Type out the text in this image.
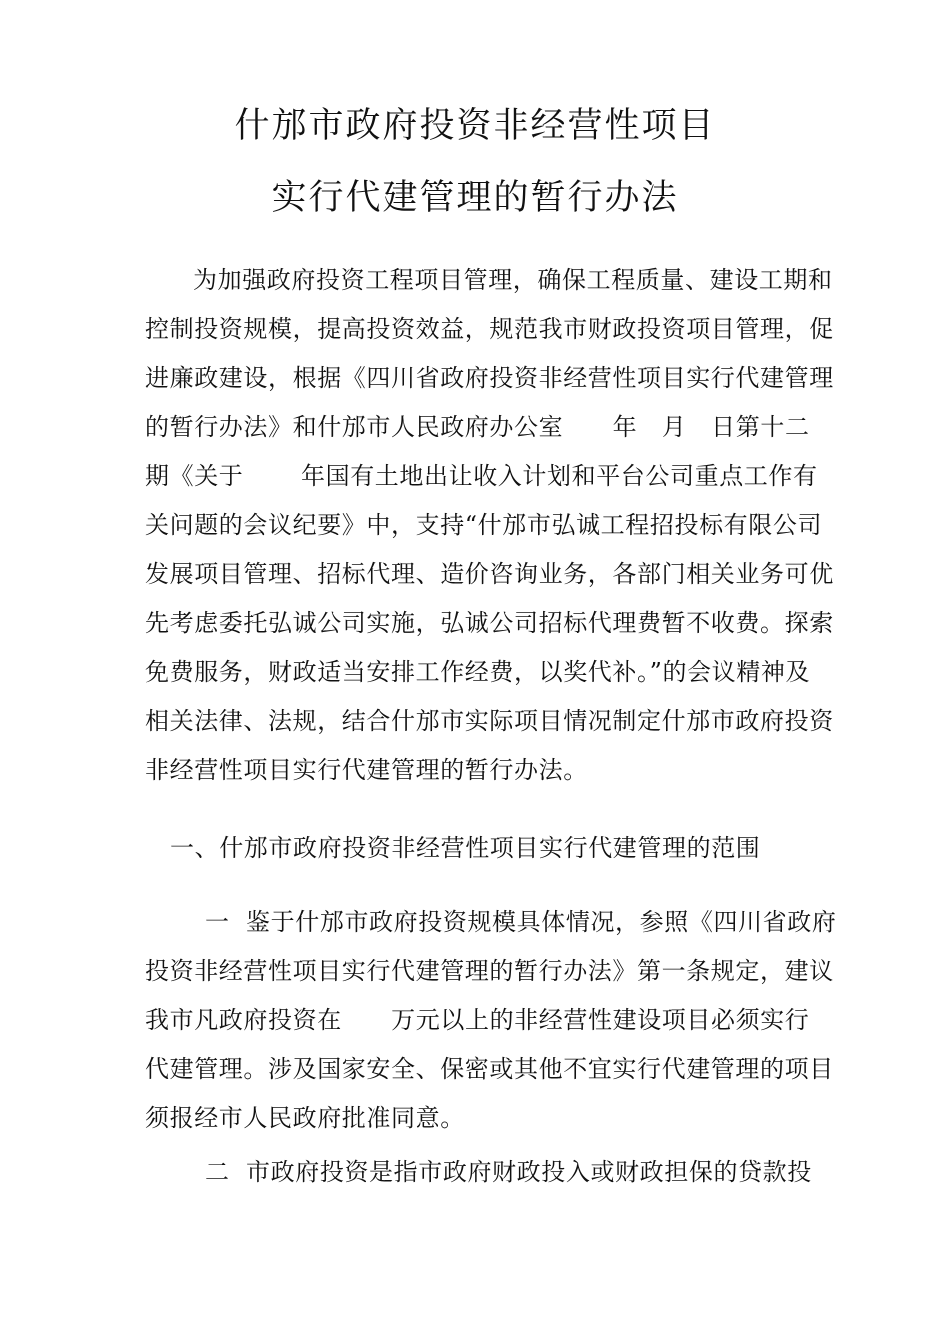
什邡市政府投资非经营性项目
实行代建管理的暂行办法
为加强政府投资工程项目管理，确保工程质量、建设工期和
控制投资规模，提高投资效益，规范我市财政投资项目管理，促
进廉政建设，根据《四川省政府投资非经营性项目实行代建管理
的暂行办法》和什邡市人民政府办公室      年   月   日第十二
期《关于       年国有土地出让收入计划和平台公司重点工作有
关问题的会议纪要》中，支持“什邡市弘诚工程招投标有限公司
发展项目管理、招标代理、造价咨询业务，各部门相关业务可优
先考虑委托弘诚公司实施，弘诚公司招标代理费暂不收费。探索
免费服务，财政适当安排工作经费，以奖代补。”的会议精神及
相关法律、法规，结合什邡市实际项目情况制定什邡市政府投资
非经营性项目实行代建管理的暂行办法。
一、什邡市政府投资非经营性项目实行代建管理的范围
一  鉴于什邡市政府投资规模具体情况，参照《四川省政府
投资非经营性项目实行代建管理的暂行办法》第一条规定，建议
我市凡政府投资在      万元以上的非经营性建设项目必须实行
代建管理。涉及国家安全、保密或其他不宜实行代建管理的项目
须报经市人民政府批准同意。
二  市政府投资是指市政府财政投入或财政担保的贷款投
